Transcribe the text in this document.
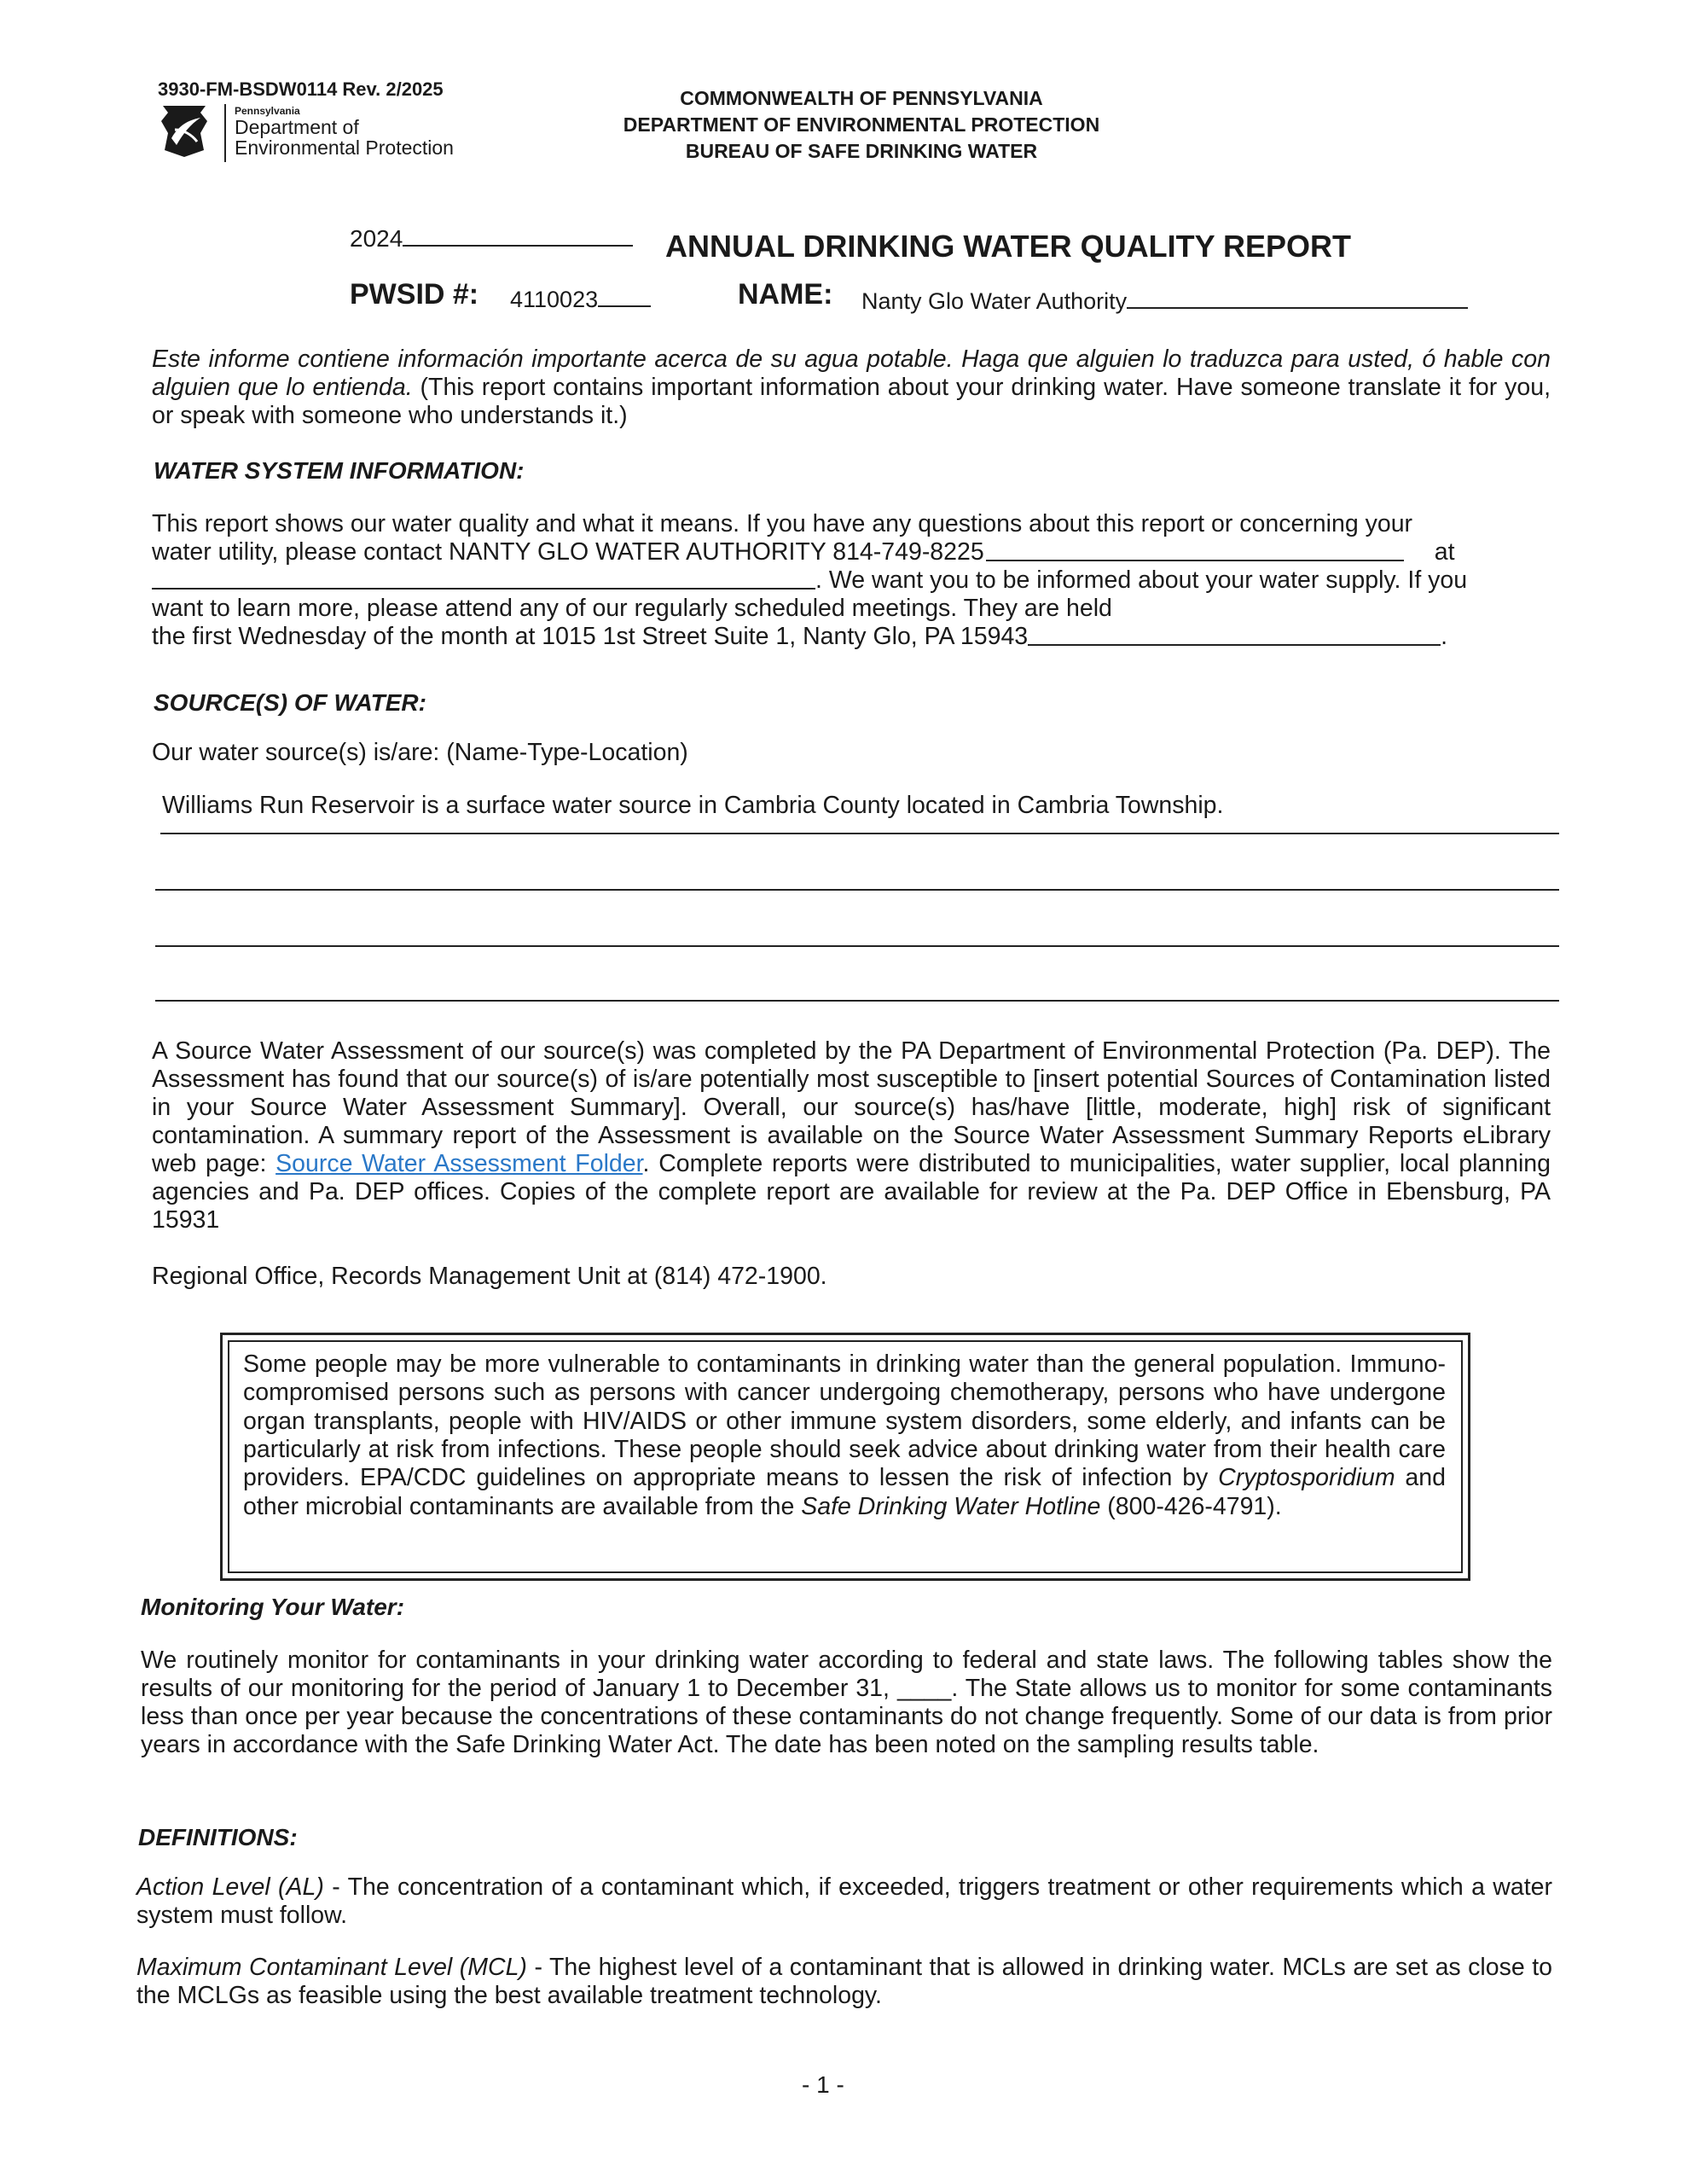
3930-FM-BSDW0114 Rev. 2/2025
Pennsylvania
Department of
Environmental Protection
COMMONWEALTH OF PENNSYLVANIA
DEPARTMENT OF ENVIRONMENTAL PROTECTION
BUREAU OF SAFE DRINKING WATER
2024	ANNUAL DRINKING WATER QUALITY REPORT
PWSID #: 4110023	NAME: Nanty Glo Water Authority
Este informe contiene información importante acerca de su agua potable. Haga que alguien lo traduzca para usted, ó hable con alguien que lo entienda. (This report contains important information about your drinking water. Have someone translate it for you, or speak with someone who understands it.)
WATER SYSTEM INFORMATION:
This report shows our water quality and what it means. If you have any questions about this report or concerning your
water utility, please contact NANTY GLO WATER AUTHORITY 814-749-8225	at
. We want you to be informed about your water supply. If you
want to learn more, please attend any of our regularly scheduled meetings. They are held
the first Wednesday of the month at 1015 1st Street Suite 1, Nanty Glo, PA 15943	.
SOURCE(S) OF WATER:
Our water source(s) is/are: (Name-Type-Location)
Williams Run Reservoir is a surface water source in Cambria County located in Cambria Township.
A Source Water Assessment of our source(s) was completed by the PA Department of Environmental Protection (Pa. DEP). The Assessment has found that our source(s) of is/are potentially most susceptible to [insert potential Sources of Contamination listed in your Source Water Assessment Summary]. Overall, our source(s) has/have [little, moderate, high] risk of significant contamination. A summary report of the Assessment is available on the Source Water Assessment Summary Reports eLibrary web page: Source Water Assessment Folder. Complete reports were distributed to municipalities, water supplier, local planning agencies and Pa. DEP offices. Copies of the complete report are available for review at the Pa. DEP Office in Ebensburg, PA 15931
Regional Office, Records Management Unit at (814) 472-1900.
Some people may be more vulnerable to contaminants in drinking water than the general population. Immuno-compromised persons such as persons with cancer undergoing chemotherapy, persons who have undergone organ transplants, people with HIV/AIDS or other immune system disorders, some elderly, and infants can be particularly at risk from infections. These people should seek advice about drinking water from their health care providers. EPA/CDC guidelines on appropriate means to lessen the risk of infection by Cryptosporidium and other microbial contaminants are available from the Safe Drinking Water Hotline (800-426-4791).
Monitoring Your Water:
We routinely monitor for contaminants in your drinking water according to federal and state laws. The following tables show the results of our monitoring for the period of January 1 to December 31, ____. The State allows us to monitor for some contaminants less than once per year because the concentrations of these contaminants do not change frequently. Some of our data is from prior years in accordance with the Safe Drinking Water Act. The date has been noted on the sampling results table.
DEFINITIONS:
Action Level (AL) - The concentration of a contaminant which, if exceeded, triggers treatment or other requirements which a water system must follow.
Maximum Contaminant Level (MCL) - The highest level of a contaminant that is allowed in drinking water. MCLs are set as close to the MCLGs as feasible using the best available treatment technology.
- 1 -
